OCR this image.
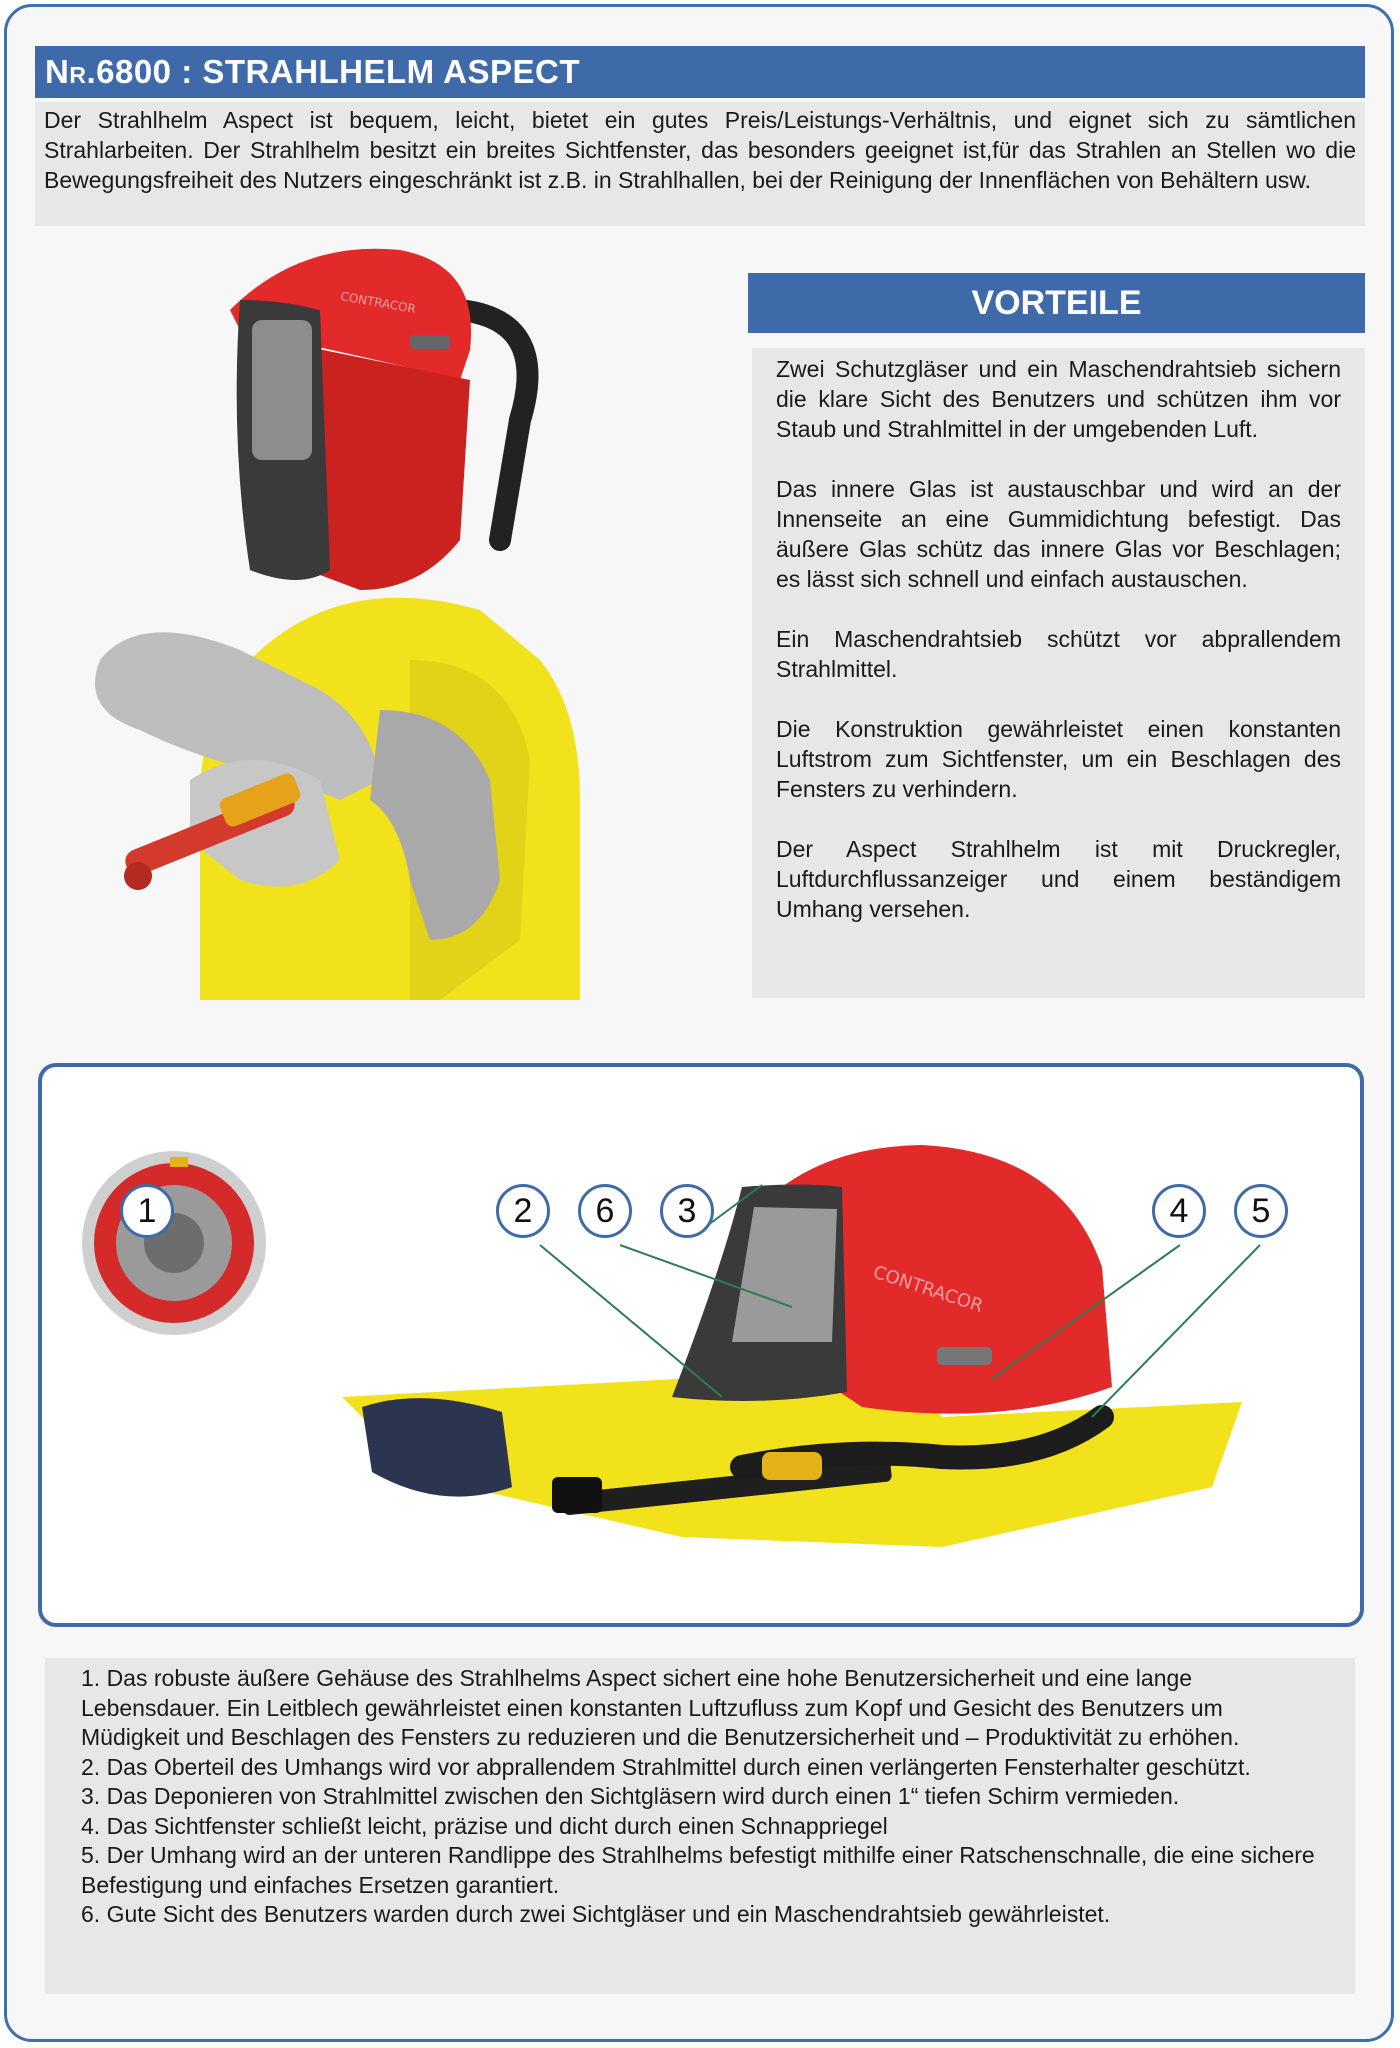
Nr.6800 : STRAHLHELM ASPECT
Der Strahlhelm Aspect ist bequem, leicht, bietet ein gutes Preis/Leistungs-Verhältnis, und eignet sich zu sämtlichen Strahlarbeiten. Der Strahlhelm besitzt ein breites Sichtfenster, das besonders geeignet ist,für das Strahlen an Stellen wo die Bewegungsfreiheit des Nutzers eingeschränkt ist z.B. in Strahlhallen, bei der Reinigung der Innenflächen von Behältern usw.
CONTRACOR	VORTEILE

Zwei Schutzgläser und ein Maschendrahtsieb sichern die klare Sicht des Benutzers und schützen ihm vor Staub und Strahlmittel in der umgebenden Luft.

Das innere Glas ist austauschbar und wird an der Innenseite an eine Gummidichtung befestigt. Das äußere Glas schütz das innere Glas vor Beschlagen; es lässt sich schnell und einfach austauschen.

Ein Maschendrahtsieb schützt vor abprallendem Strahlmittel.

Die Konstruktion gewährleistet einen konstanten Luftstrom zum Sichtfenster, um ein Beschlagen des Fensters zu verhindern.

Der Aspect Strahlhelm ist mit Druckregler, Luftdurchflussanzeiger und einem beständigem Umhang versehen.

CONTRACOR
1	2	6	3	4	5
1. Das robuste äußere Gehäuse des Strahlhelms Aspect sichert eine hohe Benutzersicherheit und eine lange Lebensdauer. Ein Leitblech gewährleistet einen konstanten Luftzufluss zum Kopf und Gesicht des Benutzers um Müdigkeit und Beschlagen des Fensters zu reduzieren und die Benutzersicherheit und – Produktivität zu erhöhen.
2. Das Oberteil des Umhangs wird vor abprallendem Strahlmittel durch einen verlängerten Fensterhalter geschützt.
3. Das Deponieren von Strahlmittel zwischen den Sichtgläsern wird durch einen 1“ tiefen Schirm vermieden.
4. Das Sichtfenster schließt leicht, präzise und dicht durch einen Schnappriegel
5. Der Umhang wird an der unteren Randlippe des Strahlhelms befestigt mithilfe einer Ratschenschnalle, die eine sichere Befestigung und einfaches Ersetzen garantiert.
6. Gute Sicht des Benutzers warden durch zwei Sichtgläser und ein Maschendrahtsieb gewährleistet.
